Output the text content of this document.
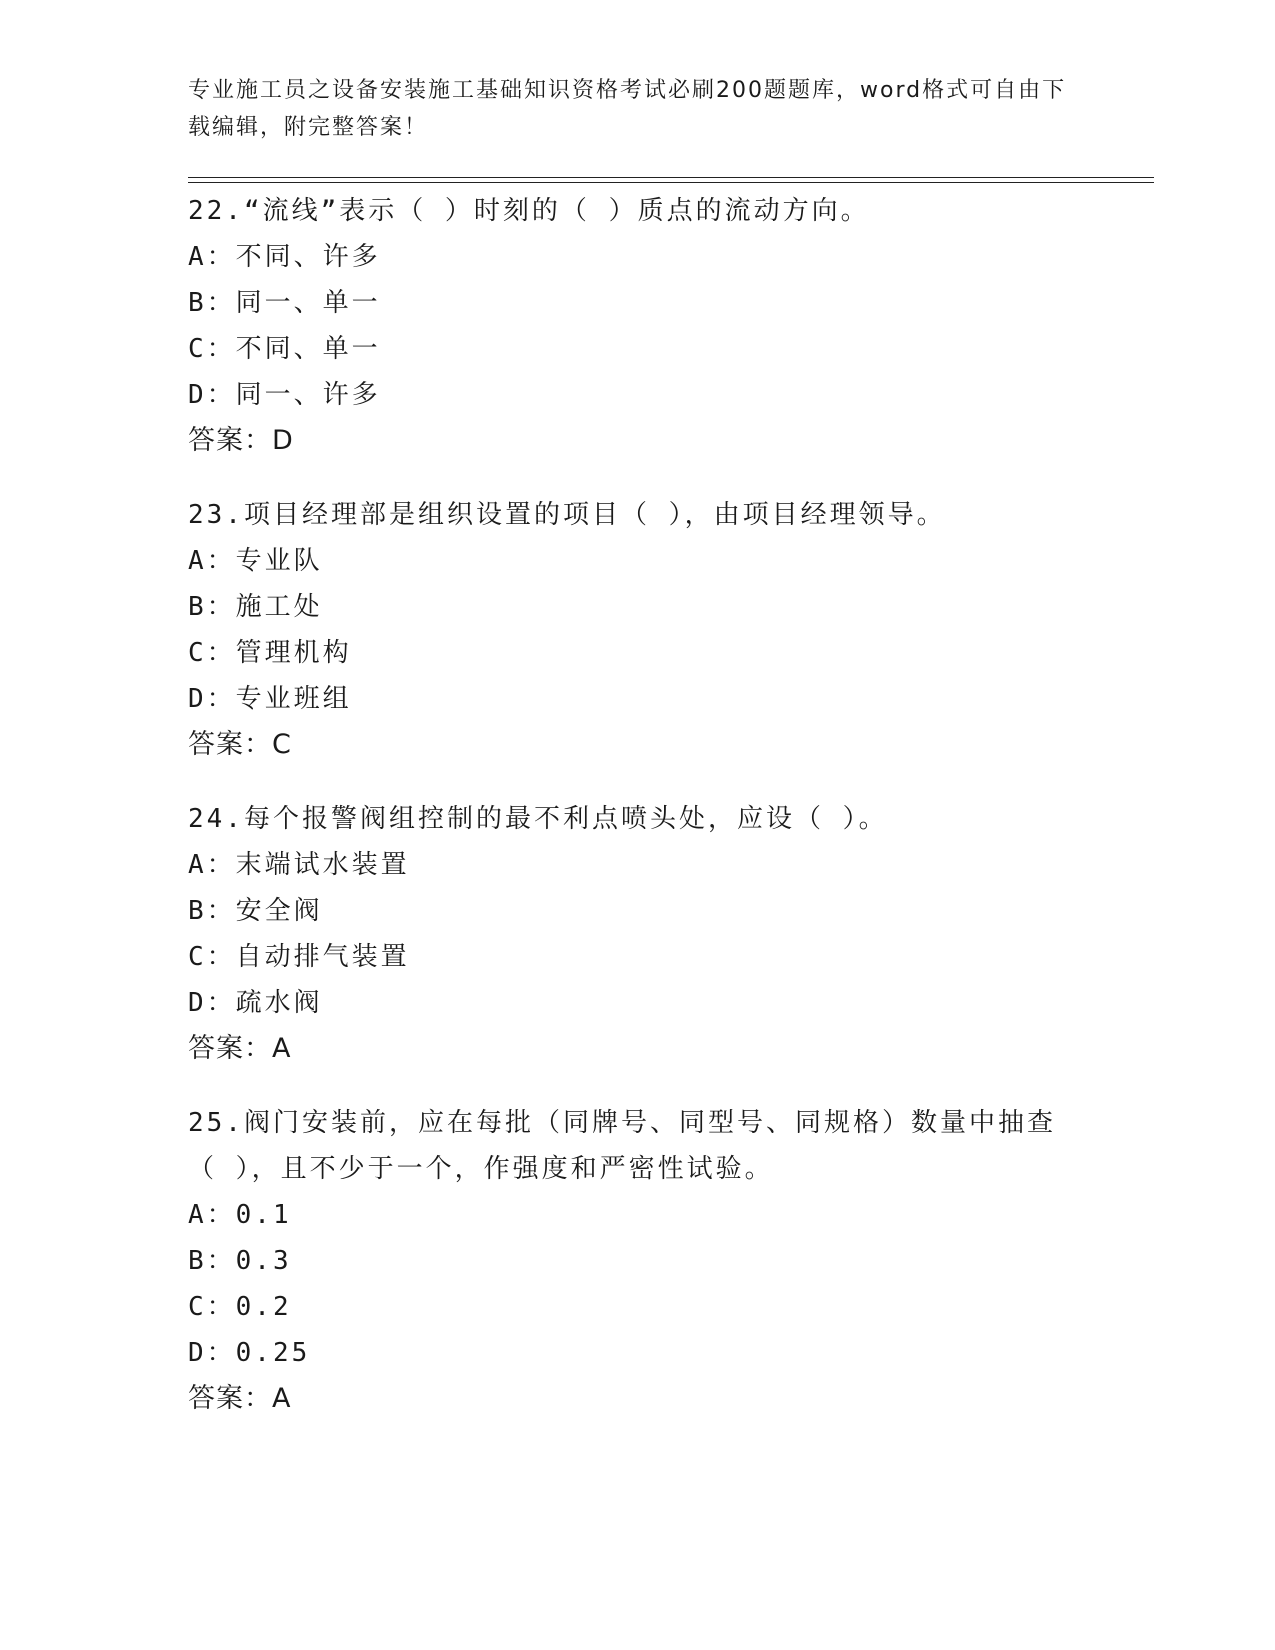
专业施工员之设备安装施工基础知识资格考试必刷200题题库，word格式可自由下载编辑，附完整答案！
22.“流线”表示（ ）时刻的（ ）质点的流动方向。
A：不同、许多
B：同一、单一
C：不同、单一
D：同一、许多
答案：D
23.项目经理部是组织设置的项目（ ），由项目经理领导。
A：专业队
B：施工处
C：管理机构
D：专业班组
答案：C
24.每个报警阀组控制的最不利点喷头处，应设（ ）。
A：末端试水装置
B：安全阀
C：自动排气装置
D：疏水阀
答案：A
25.阀门安装前，应在每批（同牌号、同型号、同规格）数量中抽查（ ），且不少于一个，作强度和严密性试验。
A：0.1
B：0.3
C：0.2
D：0.25
答案：A
